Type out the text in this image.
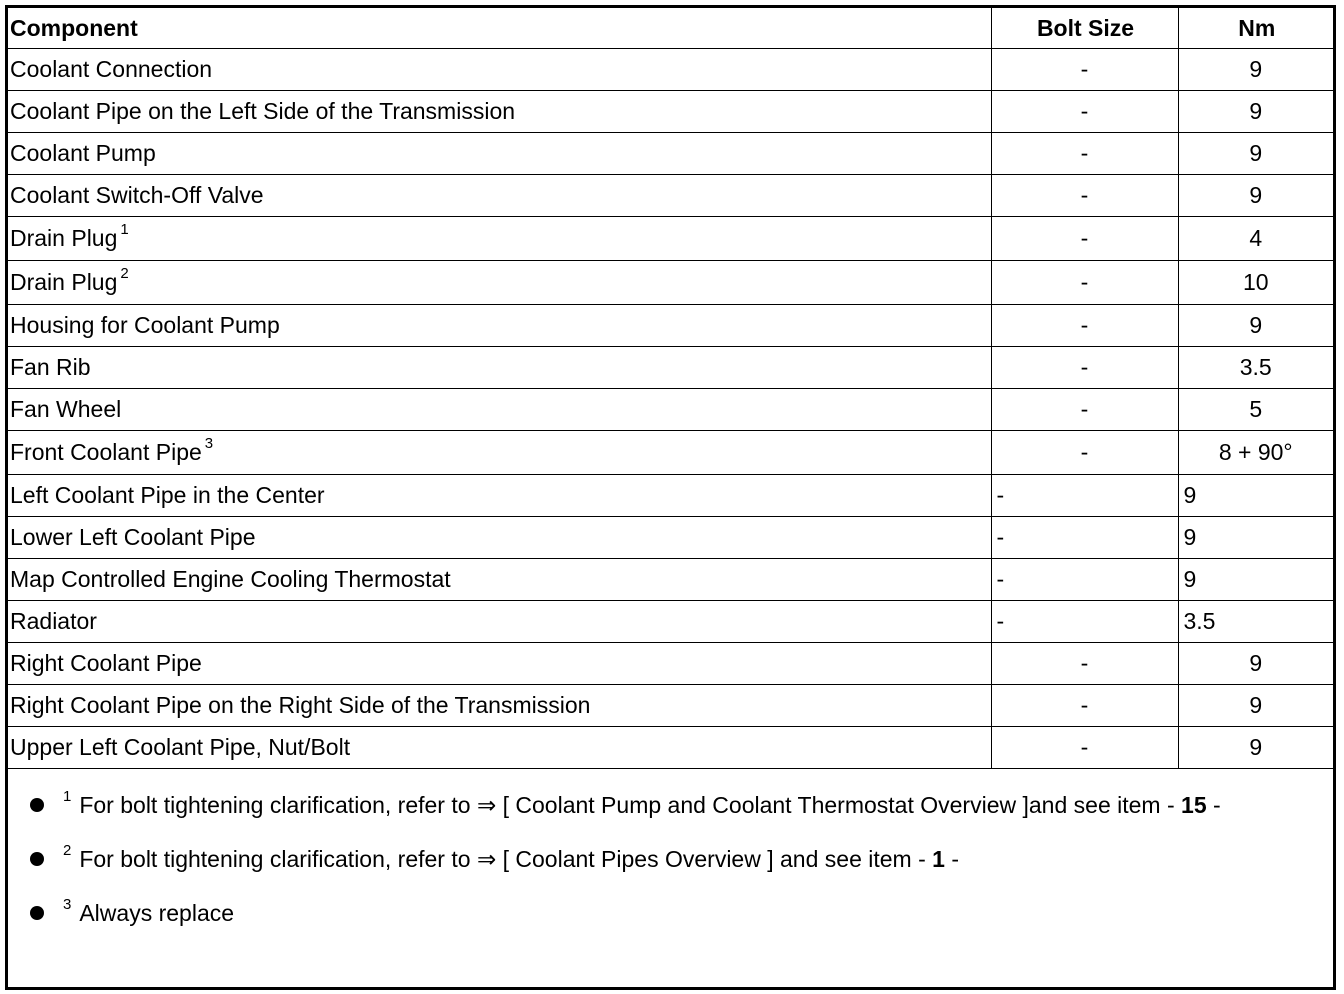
Component	Bolt Size	Nm
Coolant Connection	-	9
Coolant Pipe on the Left Side of the Transmission	-	9
Coolant Pump	-	9
Coolant Switch-Off Valve	-	9
Drain Plug $^1$	-	4
Drain Plug $^2$	-	10
Housing for Coolant Pump	-	9
Fan Rib	-	3.5
Fan Wheel	-	5
Front Coolant Pipe $^3$	-	8 + 90°
Left Coolant Pipe in the Center	-	9
Lower Left Coolant Pipe	-	9
Map Controlled Engine Cooling Thermostat	-	9
Radiator	-	3.5
Right Coolant Pipe	-	9
Right Coolant Pipe on the Right Side of the Transmission	-	9
Upper Left Coolant Pipe, Nut/Bolt	-	9
$^1$ For bolt tightening clarification, refer to ⇒ [ Coolant Pump and Coolant Thermostat Overview ]and see item - 15 -
$^2$ For bolt tightening clarification, refer to ⇒ [ Coolant Pipes Overview ] and see item - 1 -
$^3$ Always replace
